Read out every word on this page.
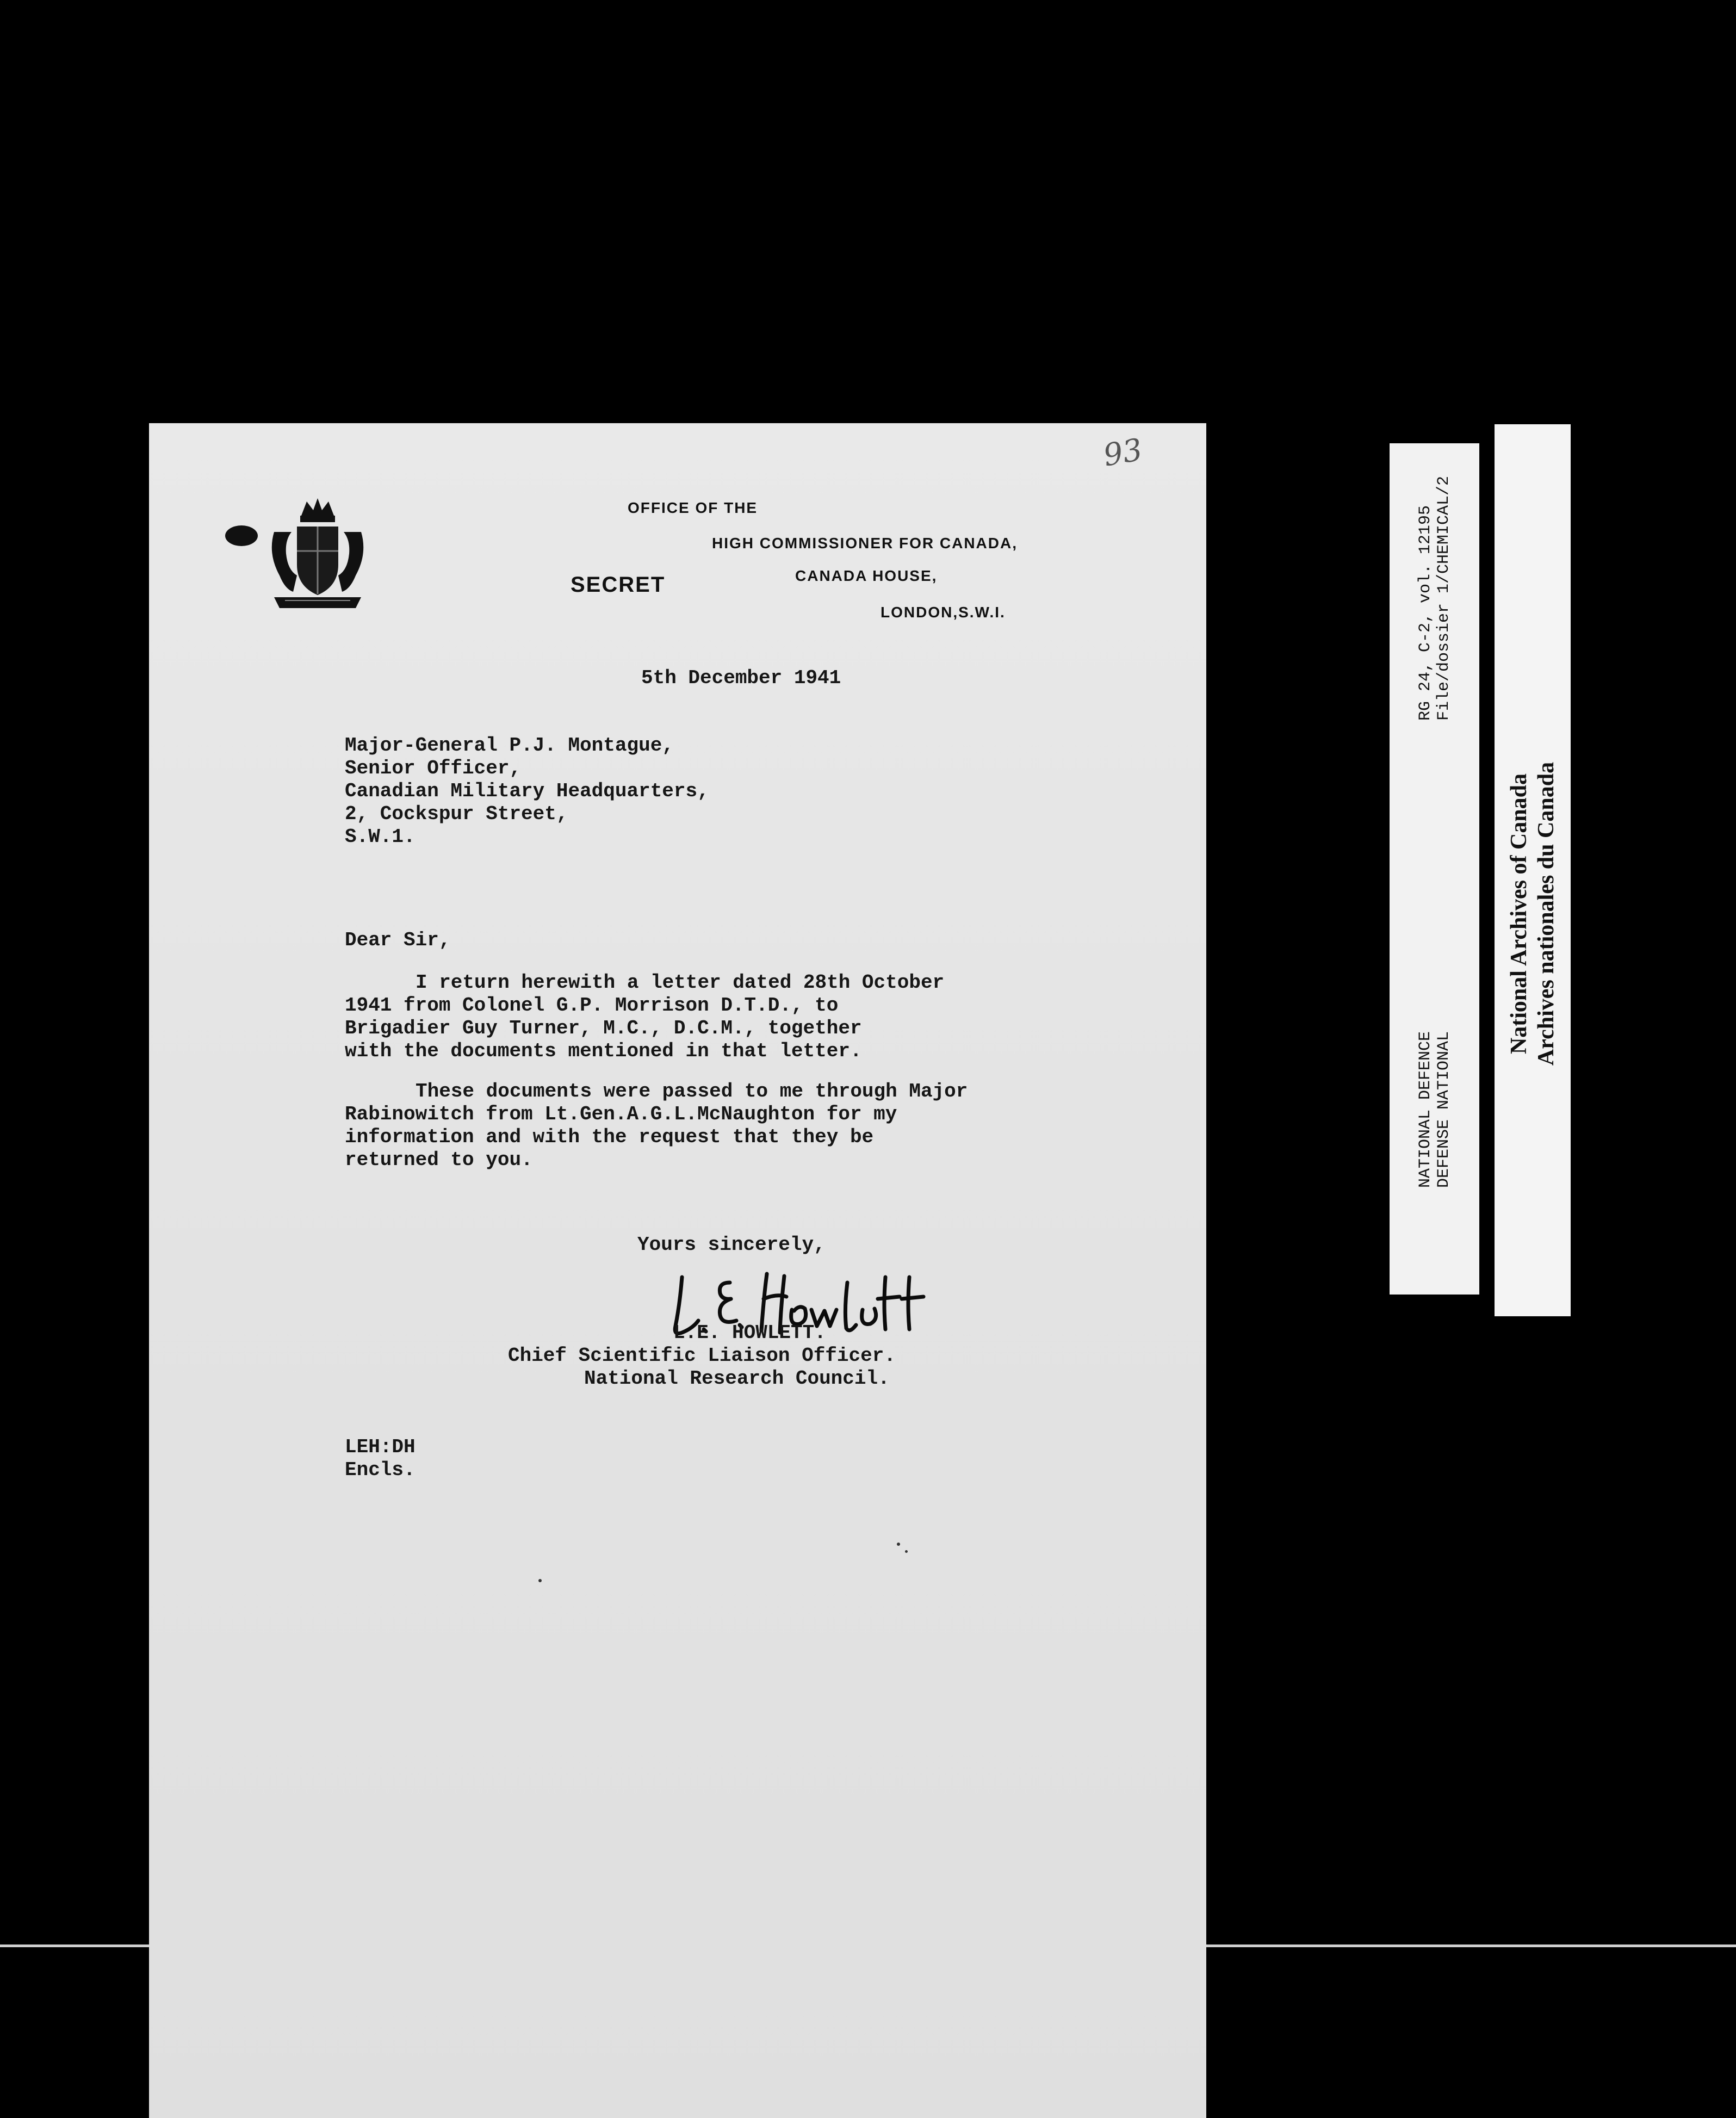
93
OFFICE OF THE
HIGH COMMISSIONER FOR CANADA,
CANADA HOUSE,
LONDON,S.W.I.
SECRET
5th December 1941
Major-General P.J. Montague,
Senior Officer,
Canadian Military Headquarters,
2, Cockspur Street,
S.W.1.
Dear Sir,
I return herewith a letter dated 28th October
1941 from Colonel G.P. Morrison D.T.D., to
Brigadier Guy Turner, M.C., D.C.M., together
with the documents mentioned in that letter.
These documents were passed to me through Major
Rabinowitch from Lt.Gen.A.G.L.McNaughton for my
information and with the request that they be
returned to you.
Yours sincerely,
L.E. HOWLETT.
Chief Scientific Liaison Officer.
National Research Council.
LEH:DH
Encls.
RG 24, C-2, vol. 12195 File/dossier 1/CHEMICAL/2
NATIONAL DEFENCE DEFENSE NATIONAL
National Archives of Canada Archives nationales du Canada
